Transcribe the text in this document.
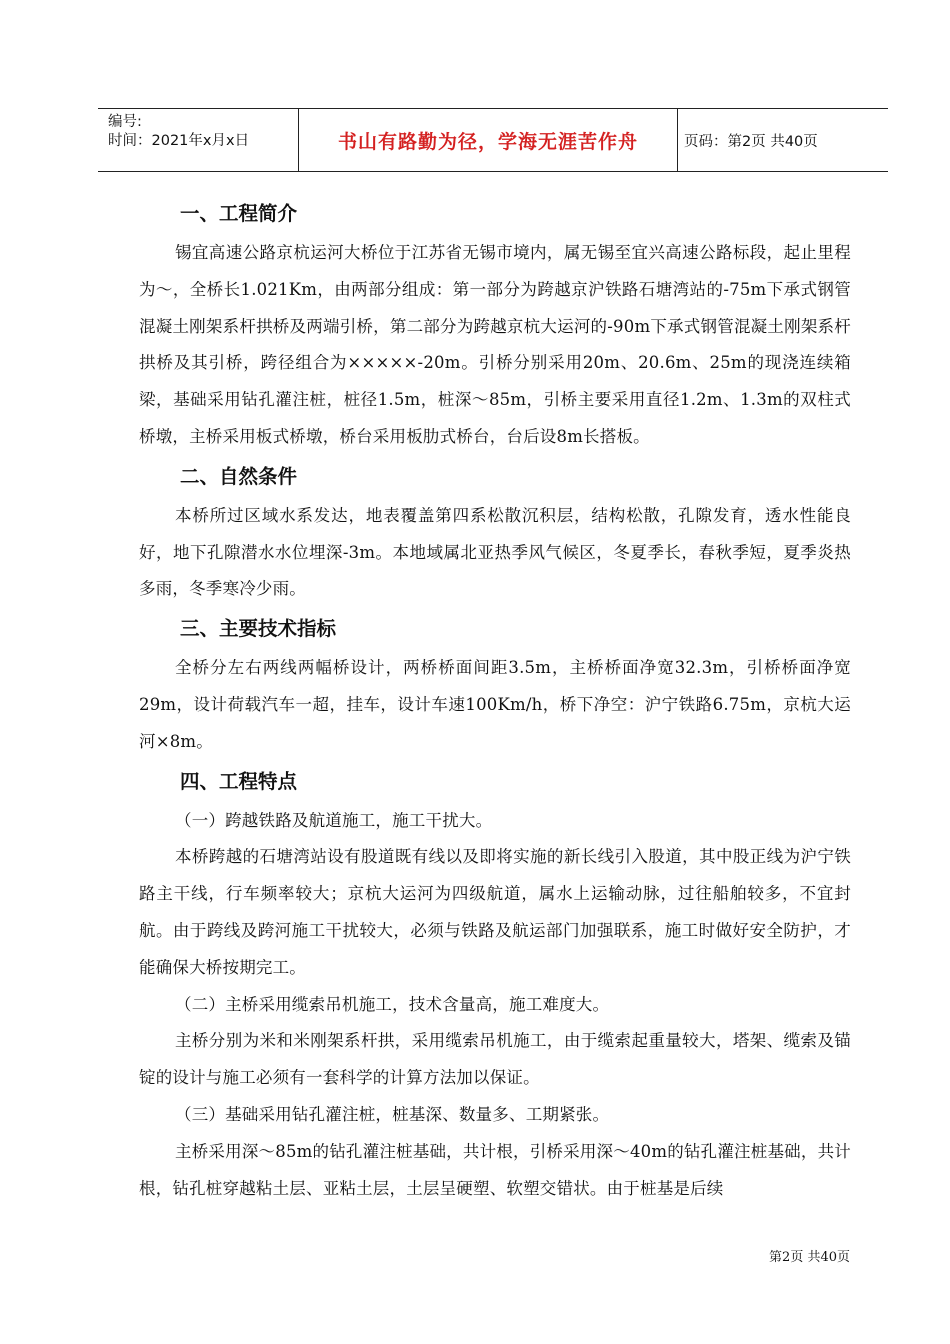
编号:
时间：2021年x月x日	书山有路勤为径，学海无涯苦作舟	页码：第2页 共40页
一、工程简介

锡宜高速公路京杭运河大桥位于江苏省无锡市境内，属无锡至宜兴高速公路标段，起止里程为～，全桥长1.021Km，由两部分组成：第一部分为跨越京沪铁路石塘湾站的-75m下承式钢管混凝土刚架系杆拱桥及两端引桥，第二部分为跨越京杭大运河的-90m下承式钢管混凝土刚架系杆拱桥及其引桥，跨径组合为×××××-20m。引桥分别采用20m、20.6m、25m的现浇连续箱梁，基础采用钻孔灌注桩，桩径1.5m，桩深～85m，引桥主要采用直径1.2m、1.3m的双柱式桥墩，主桥采用板式桥墩，桥台采用板肋式桥台，台后设8m长搭板。

二、自然条件

本桥所过区域水系发达，地表覆盖第四系松散沉积层，结构松散，孔隙发育，透水性能良好，地下孔隙潜水水位埋深-3m。本地域属北亚热季风气候区，冬夏季长，春秋季短，夏季炎热多雨，冬季寒冷少雨。

三、主要技术指标

全桥分左右两线两幅桥设计，两桥桥面间距3.5m，主桥桥面净宽32.3m，引桥桥面净宽29m，设计荷载汽车一超，挂车，设计车速100Km/h，桥下净空：沪宁铁路6.75m，京杭大运河×8m。

四、工程特点

（一）跨越铁路及航道施工，施工干扰大。

本桥跨越的石塘湾站设有股道既有线以及即将实施的新长线引入股道，其中股正线为沪宁铁路主干线，行车频率较大；京杭大运河为四级航道，属水上运输动脉，过往船舶较多，不宜封航。由于跨线及跨河施工干扰较大，必须与铁路及航运部门加强联系，施工时做好安全防护，才能确保大桥按期完工。

（二）主桥采用缆索吊机施工，技术含量高，施工难度大。

主桥分别为米和米刚架系杆拱，采用缆索吊机施工，由于缆索起重量较大，塔架、缆索及锚锭的设计与施工必须有一套科学的计算方法加以保证。

（三）基础采用钻孔灌注桩，桩基深、数量多、工期紧张。

主桥采用深～85m的钻孔灌注桩基础，共计根，引桥采用深～40m的钻孔灌注桩基础，共计根，钻孔桩穿越粘土层、亚粘土层，土层呈硬塑、软塑交错状。由于桩基是后续

第2页 共40页
